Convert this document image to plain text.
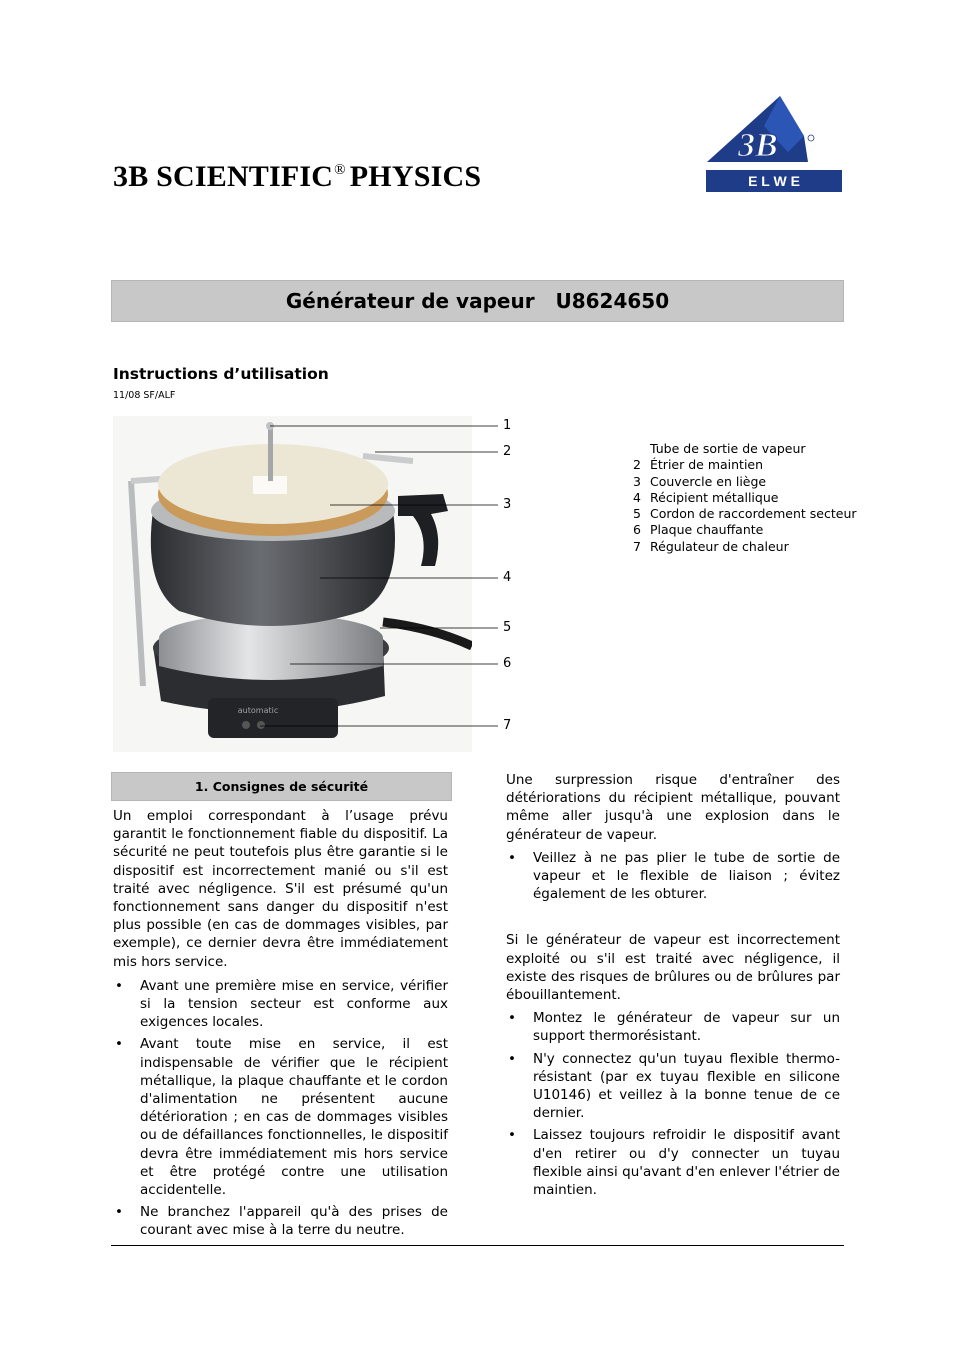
3B SCIENTIFIC® PHYSICS
3B
E L W E
Générateur de vapeur   U8624650
Instructions d’utilisation
11/08 SF/ALF
automatic
1
2
3
4
5
6
7
Tube de sortie de vapeur
2 Étrier de maintien
3 Couvercle en liège
4 Récipient métallique
5 Cordon de raccordement secteur
6 Plaque chauffante
7 Régulateur de chaleur
1. Consignes de sécurité

Un emploi correspondant à l’usage prévu garantit le fonctionnement fiable du dispositif. La sécurité ne peut toutefois plus être garantie si le dispositif est incorrectement manié ou s'il est traité avec négligence. S'il est présumé qu'un fonctionnement sans danger du dispositif n'est plus possible (en cas de dommages visibles, par exemple), ce dernier devra être immédiatement mis hors service.

• Avant une première mise en service, vérifier si la tension secteur est conforme aux exigences locales.
• Avant toute mise en service, il est indispensable de vérifier que le récipient métallique, la plaque chauffante et le cordon d'alimentation ne présentent aucune détérioration ; en cas de dommages visibles ou de défaillances fonctionnelles, le dispositif devra être immédiatement mis hors service et être protégé contre une utilisation accidentelle.
• Ne branchez l'appareil qu'à des prises de courant avec mise à la terre du neutre.

Une surpression risque d'entraîner des détériorations du récipient métallique, pouvant même aller jusqu'à une explosion dans le générateur de vapeur.

• Veillez à ne pas plier le tube de sortie de vapeur et le flexible de liaison ; évitez également de les obturer.

Si le générateur de vapeur est incorrectement exploité ou s'il est traité avec négligence, il existe des risques de brûlures ou de brûlures par ébouillantement.

• Montez le générateur de vapeur sur un support thermorésistant.
• N'y connectez qu'un tuyau flexible thermo-résistant (par ex tuyau flexible en silicone U10146) et veillez à la bonne tenue de ce dernier.
• Laissez toujours refroidir le dispositif avant d'en retirer ou d'y connecter un tuyau flexible ainsi qu'avant d'en enlever l'étrier de maintien.
